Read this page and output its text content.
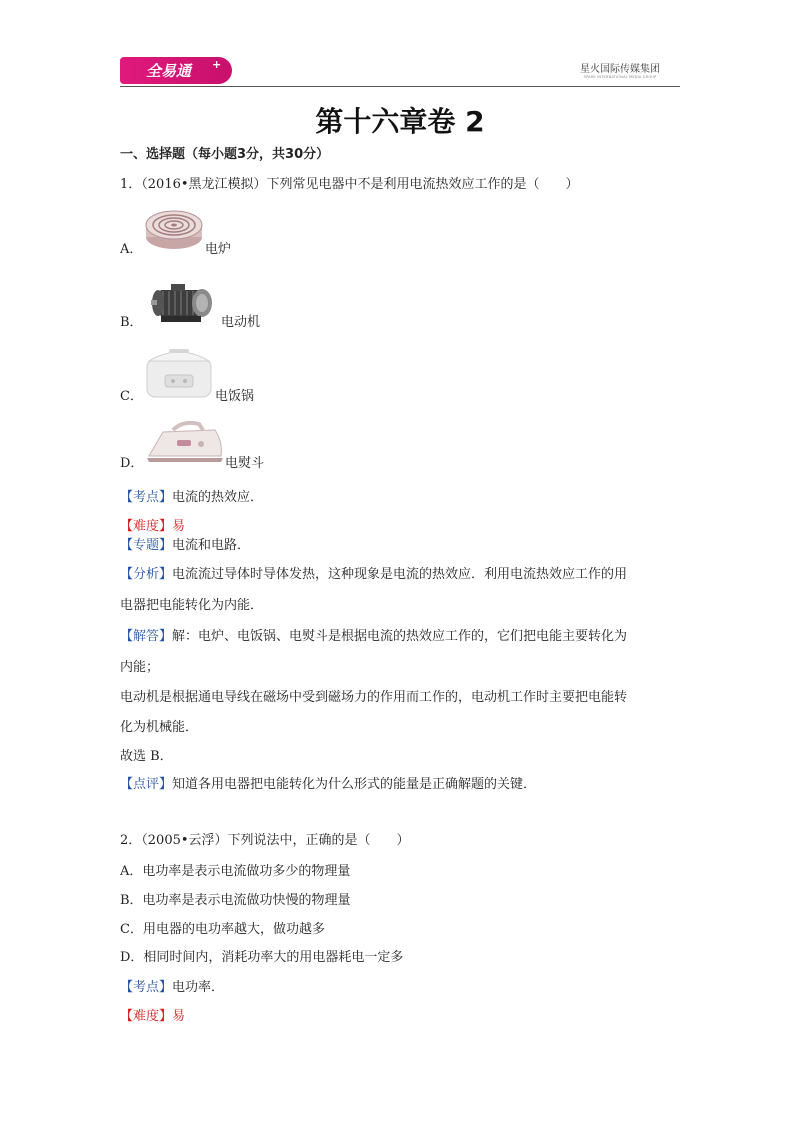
全易通 +	星火国际传媒集团
SPARK INTERNATIONAL MEDIA GROUP
第十六章卷 2
一、选择题（每小题3分，共30分）
1．（2016•黑龙江模拟）下列常见电器中不是利用电流热效应工作的是（　　）
A．	电炉
B．	电动机
C．	电饭锅
D．	电熨斗
【考点】电流的热效应．
【难度】易
【专题】电流和电路．
【分析】电流流过导体时导体发热，这种现象是电流的热效应．利用电流热效应工作的用
电器把电能转化为内能．
【解答】解：电炉、电饭锅、电熨斗是根据电流的热效应工作的，它们把电能主要转化为
内能；
电动机是根据通电导线在磁场中受到磁场力的作用而工作的，电动机工作时主要把电能转
化为机械能．
故选 B．
【点评】知道各用电器把电能转化为什么形式的能量是正确解题的关键．
2．（2005•云浮）下列说法中，正确的是（　　）
A．电功率是表示电流做功多少的物理量
B．电功率是表示电流做功快慢的物理量
C．用电器的电功率越大，做功越多
D．相同时间内，消耗功率大的用电器耗电一定多
【考点】电功率．
【难度】易
